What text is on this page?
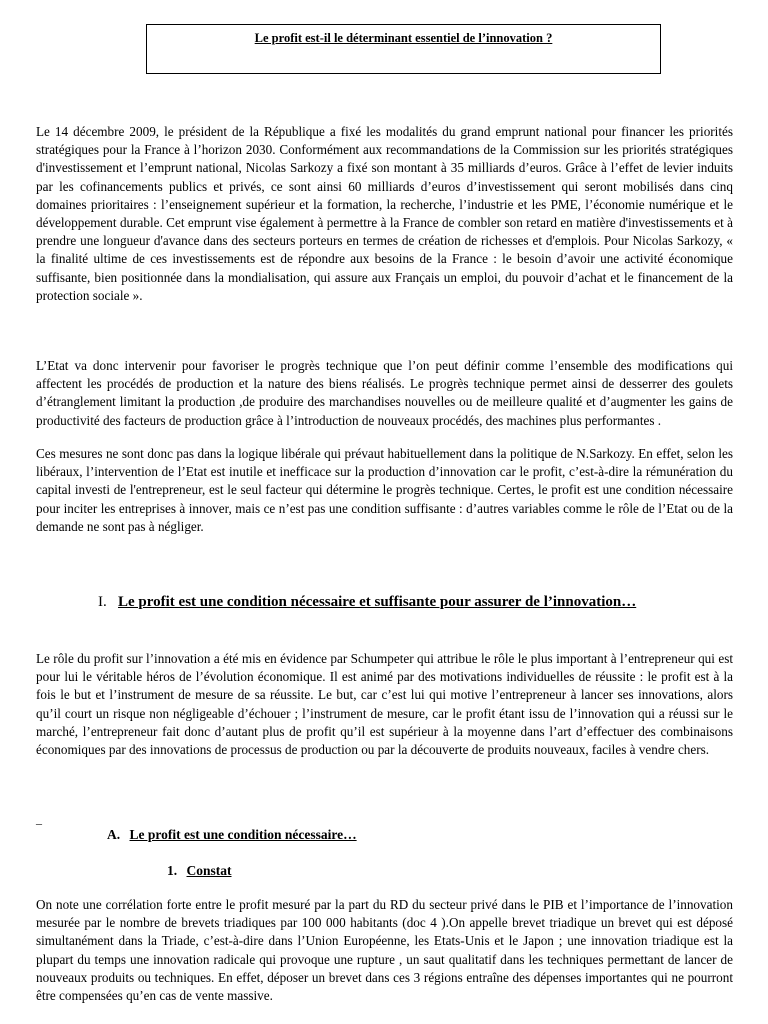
Le profit est-il le déterminant essentiel de l’innovation ?

Le 14 décembre 2009, le président de la République a fixé les modalités du grand emprunt national pour financer les priorités stratégiques pour la France à l’horizon 2030. Conformément aux recommandations de la Commission sur les priorités stratégiques d'investissement et l’emprunt national, Nicolas Sarkozy a fixé son montant à 35 milliards d’euros. Grâce à l’effet de levier induits par les cofinancements publics et privés, ce sont ainsi 60 milliards d’euros d’investissement qui seront mobilisés dans cinq domaines prioritaires : l’enseignement supérieur et la formation, la recherche, l’industrie et les PME, l’économie numérique et le développement durable. Cet emprunt vise également à permettre à la France de combler son retard en matière d'investissements et à prendre une longueur d'avance dans des secteurs porteurs en termes de création de richesses et d'emplois. Pour Nicolas Sarkozy, « la finalité ultime de ces investissements est de répondre aux besoins de la France : le besoin d’avoir une activité économique suffisante, bien positionnée dans la mondialisation, qui assure aux Français un emploi, du pouvoir d’achat et le financement de la protection sociale ».

L’Etat va donc intervenir pour favoriser le progrès technique que l’on peut définir comme l’ensemble des modifications qui affectent les procédés de production et la nature des biens réalisés. Le progrès technique permet ainsi de desserrer des goulets d’étranglement limitant la production ,de produire des marchandises nouvelles ou de meilleure qualité et d’augmenter les gains de productivité des facteurs de production grâce à l’introduction de nouveaux procédés, des machines plus performantes .

Ces mesures ne sont donc pas dans la logique libérale qui prévaut habituellement dans la politique de N.Sarkozy. En effet, selon les libéraux, l’intervention de l’Etat est inutile et inefficace sur la production d’innovation car le profit, c’est-à-dire la rémunération du capital investi de l'entrepreneur, est le seul facteur qui détermine le progrès technique. Certes, le profit est une condition nécessaire pour inciter les entreprises à innover, mais ce n’est pas une condition suffisante : d’autres variables comme le rôle de l’Etat ou de la demande ne sont pas à négliger.

I. Le profit est une condition nécessaire et suffisante pour assurer de l’innovation…

Le rôle du profit sur l’innovation a été mis en évidence par Schumpeter qui attribue le rôle le plus important à l’entrepreneur qui est pour lui le véritable héros de l’évolution économique. Il est animé par des motivations individuelles de réussite : le profit est à la fois le but et l’instrument de mesure de sa réussite. Le but, car c’est lui qui motive l’entrepreneur à lancer ses innovations, alors qu’il court un risque non négligeable d’échouer ; l’instrument de mesure, car le profit étant issu de l’innovation qui a réussi sur le marché, l’entrepreneur fait donc d’autant plus de profit qu’il est supérieur à la moyenne dans l’art d’effectuer des combinaisons économiques par des innovations de processus de production ou par la découverte de produits nouveaux, faciles à vendre chers.

_
A. Le profit est une condition nécessaire…
1. Constat

On note une corrélation forte entre le profit mesuré par la part du RD du secteur privé dans le PIB et l’importance de l’innovation mesurée par le nombre de brevets triadiques par 100 000 habitants (doc 4 ).On appelle brevet triadique un brevet qui est déposé simultanément dans la Triade, c’est-à-dire dans l’Union Européenne, les Etats-Unis et le Japon ; une innovation triadique est la plupart du temps une innovation radicale qui provoque une rupture , un saut qualitatif dans les techniques permettant de lancer de nouveaux produits ou techniques. En effet, déposer un brevet dans ces 3 régions entraîne des dépenses importantes qui ne pourront être compensées qu’en cas de vente massive.
